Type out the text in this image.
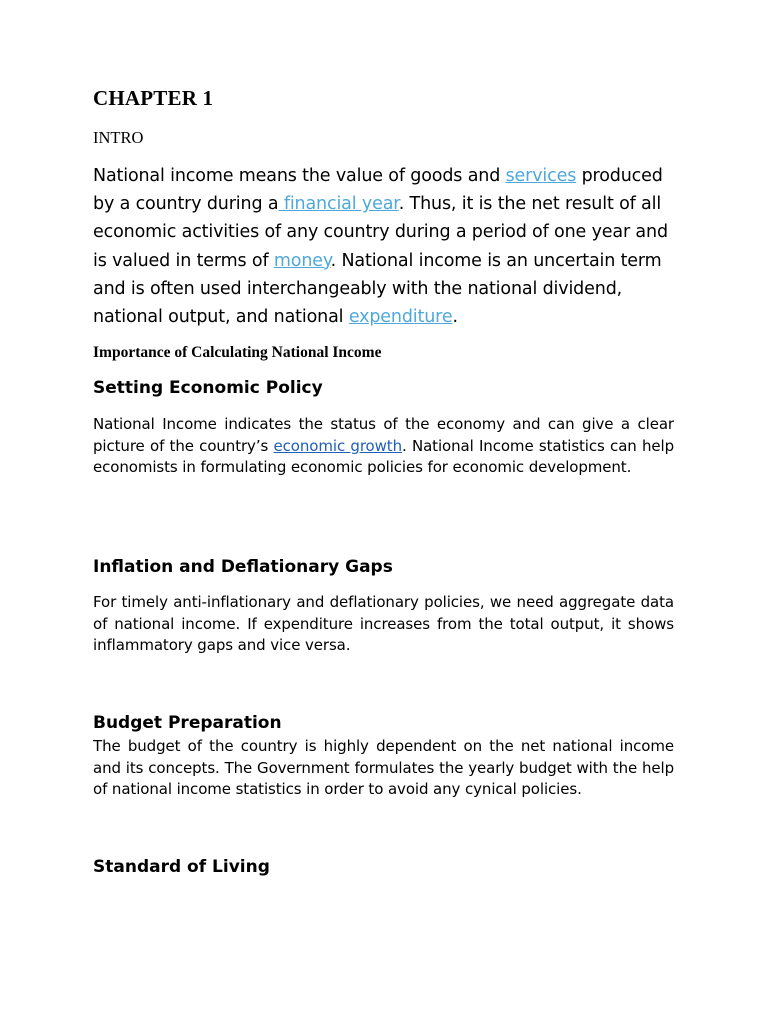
CHAPTER 1
INTRO

National income means the value of goods and services produced by a country during a financial year. Thus, it is the net result of all economic activities of any country during a period of one year and is valued in terms of money. National income is an uncertain term and is often used interchangeably with the national dividend, national output, and national expenditure.

Importance of Calculating National Income
Setting Economic Policy

National Income indicates the status of the economy and can give a clear picture of the country’s economic growth. National Income statistics can help economists in formulating economic policies for economic development.

Inflation and Deflationary Gaps

For timely anti-inflationary and deflationary policies, we need aggregate data of national income. If expenditure increases from the total output, it shows inflammatory gaps and vice versa.

Budget Preparation

The budget of the country is highly dependent on the net national income and its concepts. The Government formulates the yearly budget with the help of national income statistics in order to avoid any cynical policies.

Standard of Living
